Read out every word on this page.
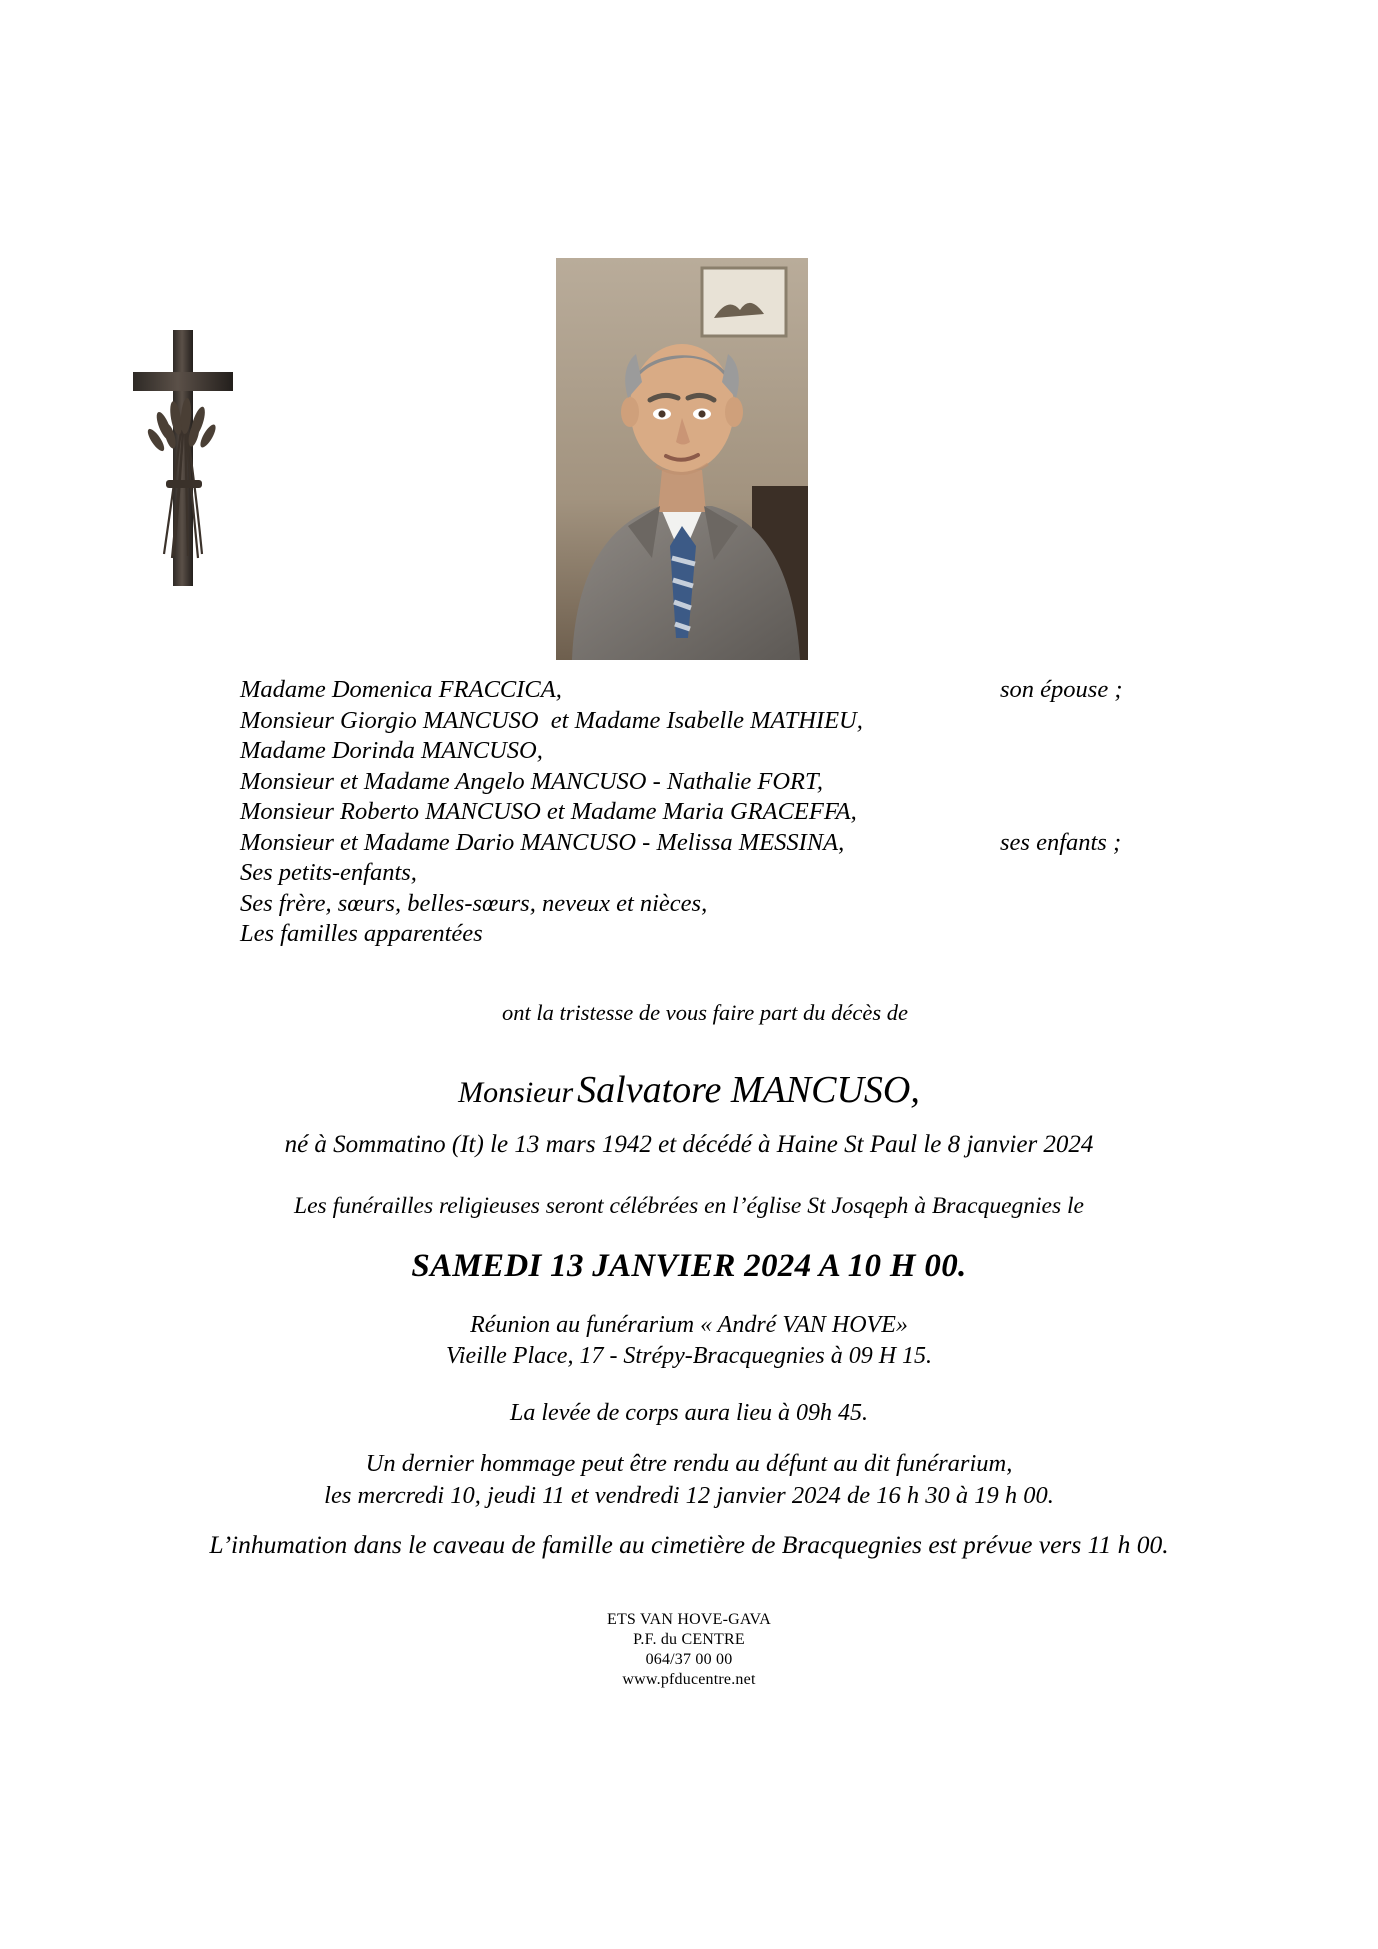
Madame Domenica FRACCICA,	son épouse ;
Monsieur Giorgio MANCUSO  et Madame Isabelle MATHIEU,
Madame Dorinda MANCUSO,
Monsieur et Madame Angelo MANCUSO - Nathalie FORT,
Monsieur Roberto MANCUSO et Madame Maria GRACEFFA,
Monsieur et Madame Dario MANCUSO - Melissa MESSINA,	ses enfants ;
Ses petits-enfants,
Ses frère, sœurs, belles-sœurs, neveux et nièces,
Les familles apparentées
ont la tristesse de vous faire part du décès de
Monsieur Salvatore MANCUSO,
né à Sommatino (It) le 13 mars 1942 et décédé à Haine St Paul le 8 janvier 2024
Les funérailles religieuses seront célébrées en l’église St Josqeph à Bracquegnies le
SAMEDI 13 JANVIER 2024 A 10 H 00.
Réunion au funérarium « André VAN HOVE»
Vieille Place, 17 - Strépy-Bracquegnies à 09 H 15.
La levée de corps aura lieu à 09h 45.
Un dernier hommage peut être rendu au défunt au dit funérarium,
les mercredi 10, jeudi 11 et vendredi 12 janvier 2024 de 16 h 30 à 19 h 00.
L’inhumation dans le caveau de famille au cimetière de Bracquegnies est prévue vers 11 h 00.
ETS VAN HOVE-GAVA
P.F. du CENTRE
064/37 00 00
www.pfducentre.net
